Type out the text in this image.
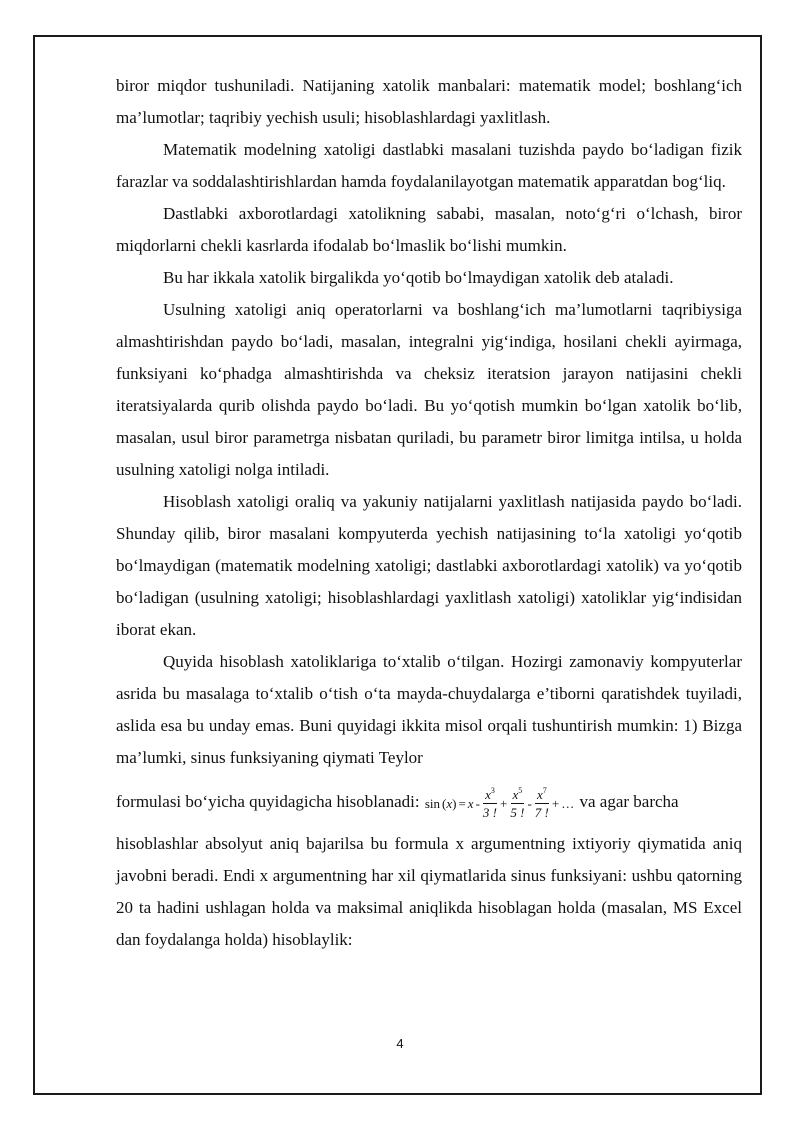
biror miqdor tushuniladi. Natijaning xatolik manbalari: matematik model; boshlang‘ich ma’lumotlar; taqribiy yechish usuli; hisoblashlardagi yaxlitlash.

Matematik modelning xatoligi dastlabki masalani tuzishda paydo bo‘ladigan fizik farazlar va soddalashtirishlardan hamda foydalanilayotgan matematik apparatdan bog‘liq.

Dastlabki axborotlardagi xatolikning sababi, masalan, noto‘g‘ri o‘lchash, biror miqdorlarni chekli kasrlarda ifodalab bo‘lmaslik bo‘lishi mumkin.

Bu har ikkala xatolik birgalikda yo‘qotib bo‘lmaydigan xatolik deb ataladi.

Usulning xatoligi aniq operatorlarni va boshlang‘ich ma’lumotlarni taqribiysiga almashtirishdan paydo bo‘ladi, masalan, integralni yig‘indiga, hosilani chekli ayirmaga, funksiyani ko‘phadga almashtirishda va cheksiz iteratsion jarayon natijasini chekli iteratsiyalarda qurib olishda paydo bo‘ladi. Bu yo‘qotish mumkin bo‘lgan xatolik bo‘lib, masalan, usul biror parametrga nisbatan quriladi, bu parametr biror limitga intilsa, u holda usulning xatoligi nolga intiladi.

Hisoblash xatoligi oraliq va yakuniy natijalarni yaxlitlash natijasida paydo bo‘ladi. Shunday qilib, biror masalani kompyuterda yechish natijasining to‘la xatoligi yo‘qotib bo‘lmaydigan (matematik modelning xatoligi; dastlabki axborotlardagi xatolik) va yo‘qotib bo‘ladigan (usulning xatoligi; hisoblashlardagi yaxlitlash xatoligi) xatoliklar yig‘indisidan iborat ekan.

Quyida hisoblash xatoliklariga to‘xtalib o‘tilgan. Hozirgi zamonaviy kompyuterlar asrida bu masalaga to‘xtalib o‘tish o‘ta mayda-chuydalarga e’tiborni qaratishdek tuyiladi, aslida esa bu unday emas. Buni quyidagi ikkita misol orqali tushuntirish mumkin: 1) Bizga ma’lumki, sinus funksiyaning qiymati Teylor

formulasi bo‘yicha quyidagicha hisoblanadi: sin ( x ) = $x - \frac{x^3}{3 !} + \frac{x^5}{5 !} - \frac{x^7}{7 !}$ + … va agar barcha

hisoblashlar absolyut aniq bajarilsa bu formula x argumentning ixtiyoriy qiymatida aniq javobni beradi. Endi x argumentning har xil qiymatlarida sinus funksiyani: ushbu qatorning 20 ta hadini ushlagan holda va maksimal aniqlikda hisoblagan holda (masalan, MS Excel dan foydalanga holda) hisoblaylik:

4
